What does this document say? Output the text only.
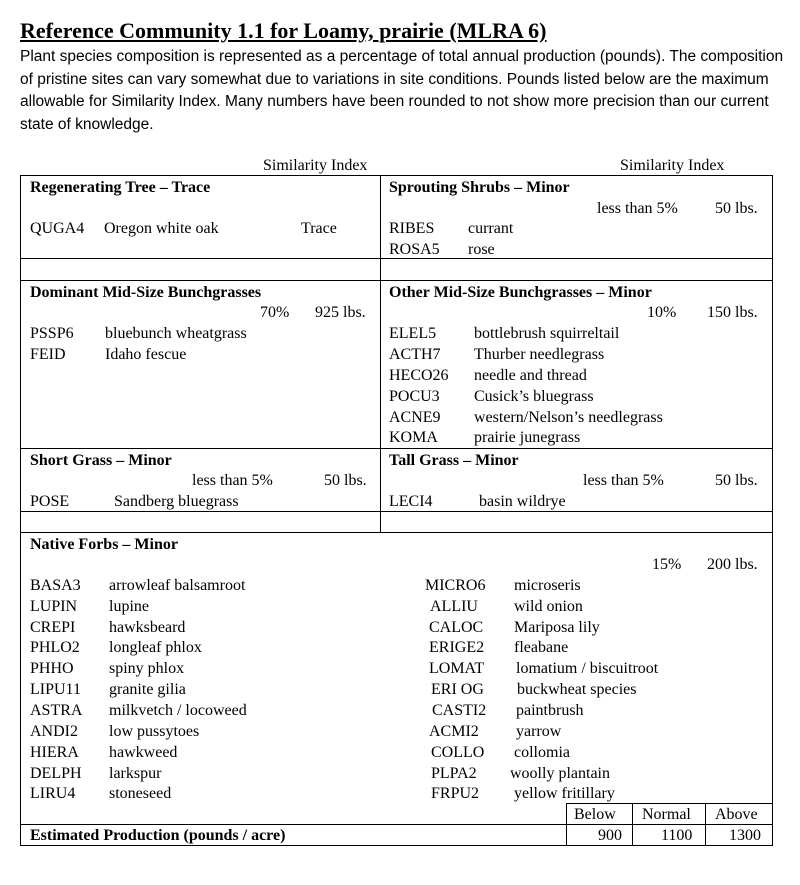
Reference Community 1.1 for Loamy, prairie (MLRA 6)
Plant species composition is represented as a percentage of total annual production (pounds). The composition of pristine sites can vary somewhat due to variations in site conditions. Pounds listed below are the maximum allowable for Similarity Index. Many numbers have been rounded to not show more precision than our current state of knowledge.
Similarity Index	Similarity Index
Regenerating Tree – Trace
QUGA4 Oregon white oak	Trace
Sprouting Shrubs – Minor
less than 5% 50 lbs.
RIBES currant
ROSA5 rose
Dominant Mid-Size Bunchgrasses
70% 925 lbs.
PSSP6 bluebunch wheatgrass
FEID Idaho fescue
Other Mid-Size Bunchgrasses – Minor
10% 150 lbs.
ELEL5 bottlebrush squirreltail
ACTH7 Thurber needlegrass
HECO26 needle and thread
POCU3 Cusick’s bluegrass
ACNE9 western/Nelson’s needlegrass
KOMA prairie junegrass
Short Grass – Minor
less than 5%	50 lbs.
POSE	Sandberg bluegrass
Tall Grass – Minor
less than 5%	50 lbs.
LECI4	basin wildrye
Native Forbs – Minor
15% 200 lbs.
BASA3 arrowleaf balsamroot
LUPIN lupine
CREPI hawksbeard
PHLO2 longleaf phlox
PHHO spiny phlox
LIPU11 granite gilia
ASTRA milkvetch / locoweed
ANDI2 low pussytoes
HIERA hawkweed
DELPH larkspur
LIRU4 stoneseed
MICRO6 microseris
ALLIU wild onion
CALOC Mariposa lily
ERIGE2 fleabane
LOMAT lomatium / biscuitroot
ERI OG buckwheat species
CASTI2 paintbrush
ACMI2 yarrow
COLLO collomia
PLPA2 woolly plantain
FRPU2 yellow fritillary
Below Normal Above
Estimated Production (pounds / acre)	900 1100 1300
